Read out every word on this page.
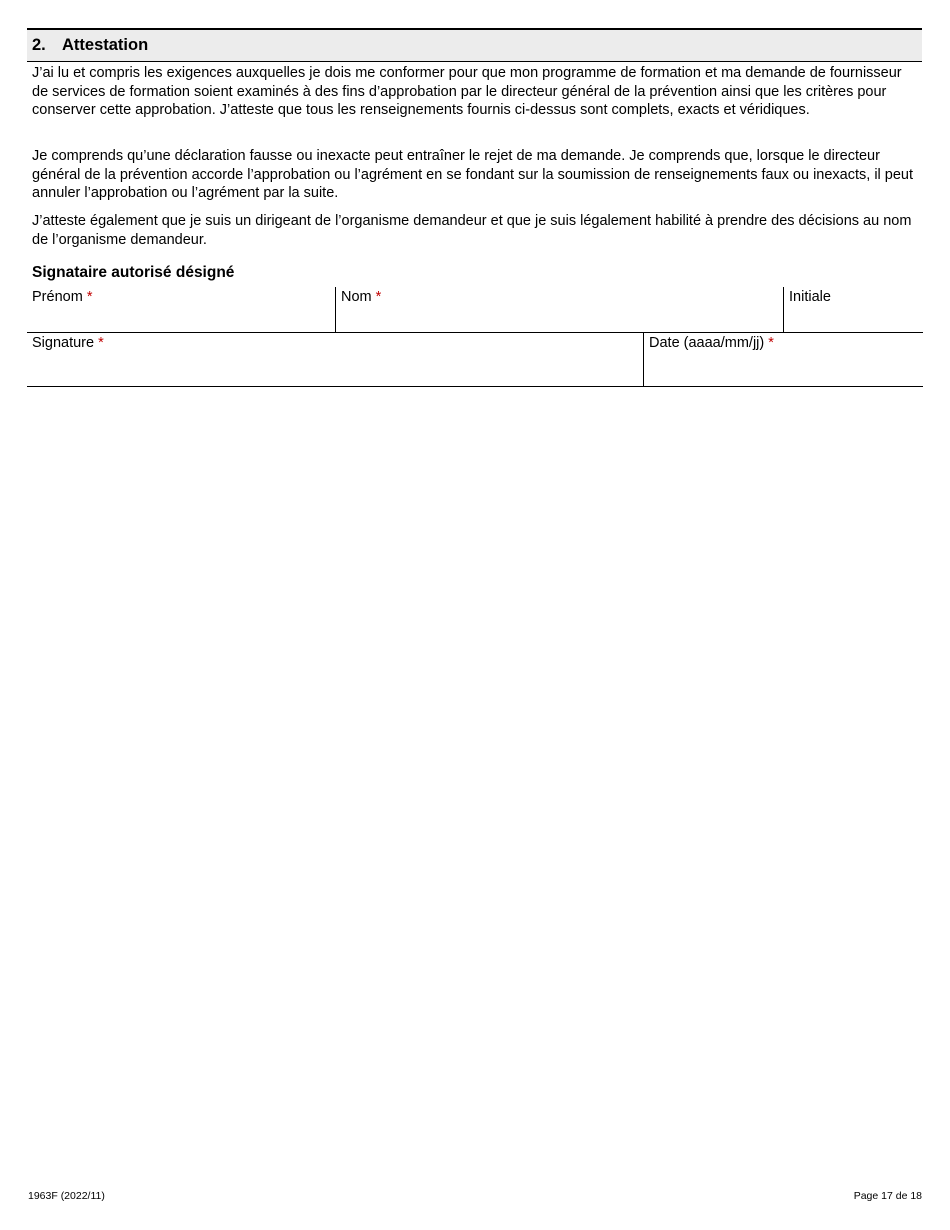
2. Attestation

J’ai lu et compris les exigences auxquelles je dois me conformer pour que mon programme de formation et ma demande de fournisseur de services de formation soient examinés à des fins d’approbation par le directeur général de la prévention ainsi que les critères pour conserver cette approbation. J’atteste que tous les renseignements fournis ci-dessus sont complets, exacts et véridiques.

Je comprends qu’une déclaration fausse ou inexacte peut entraîner le rejet de ma demande. Je comprends que, lorsque le directeur général de la prévention accorde l’approbation ou l’agrément en se fondant sur la soumission de renseignements faux ou inexacts, il peut annuler l’approbation ou l’agrément par la suite.

J’atteste également que je suis un dirigeant de l’organisme demandeur et que je suis légalement habilité à prendre des décisions au nom de l’organisme demandeur.

Signataire autorisé désigné
Prénom *	Nom *	Initiale
Signature *	Date (aaaa/mm/jj) *
1963F (2022/11)	Page 17 de 18
